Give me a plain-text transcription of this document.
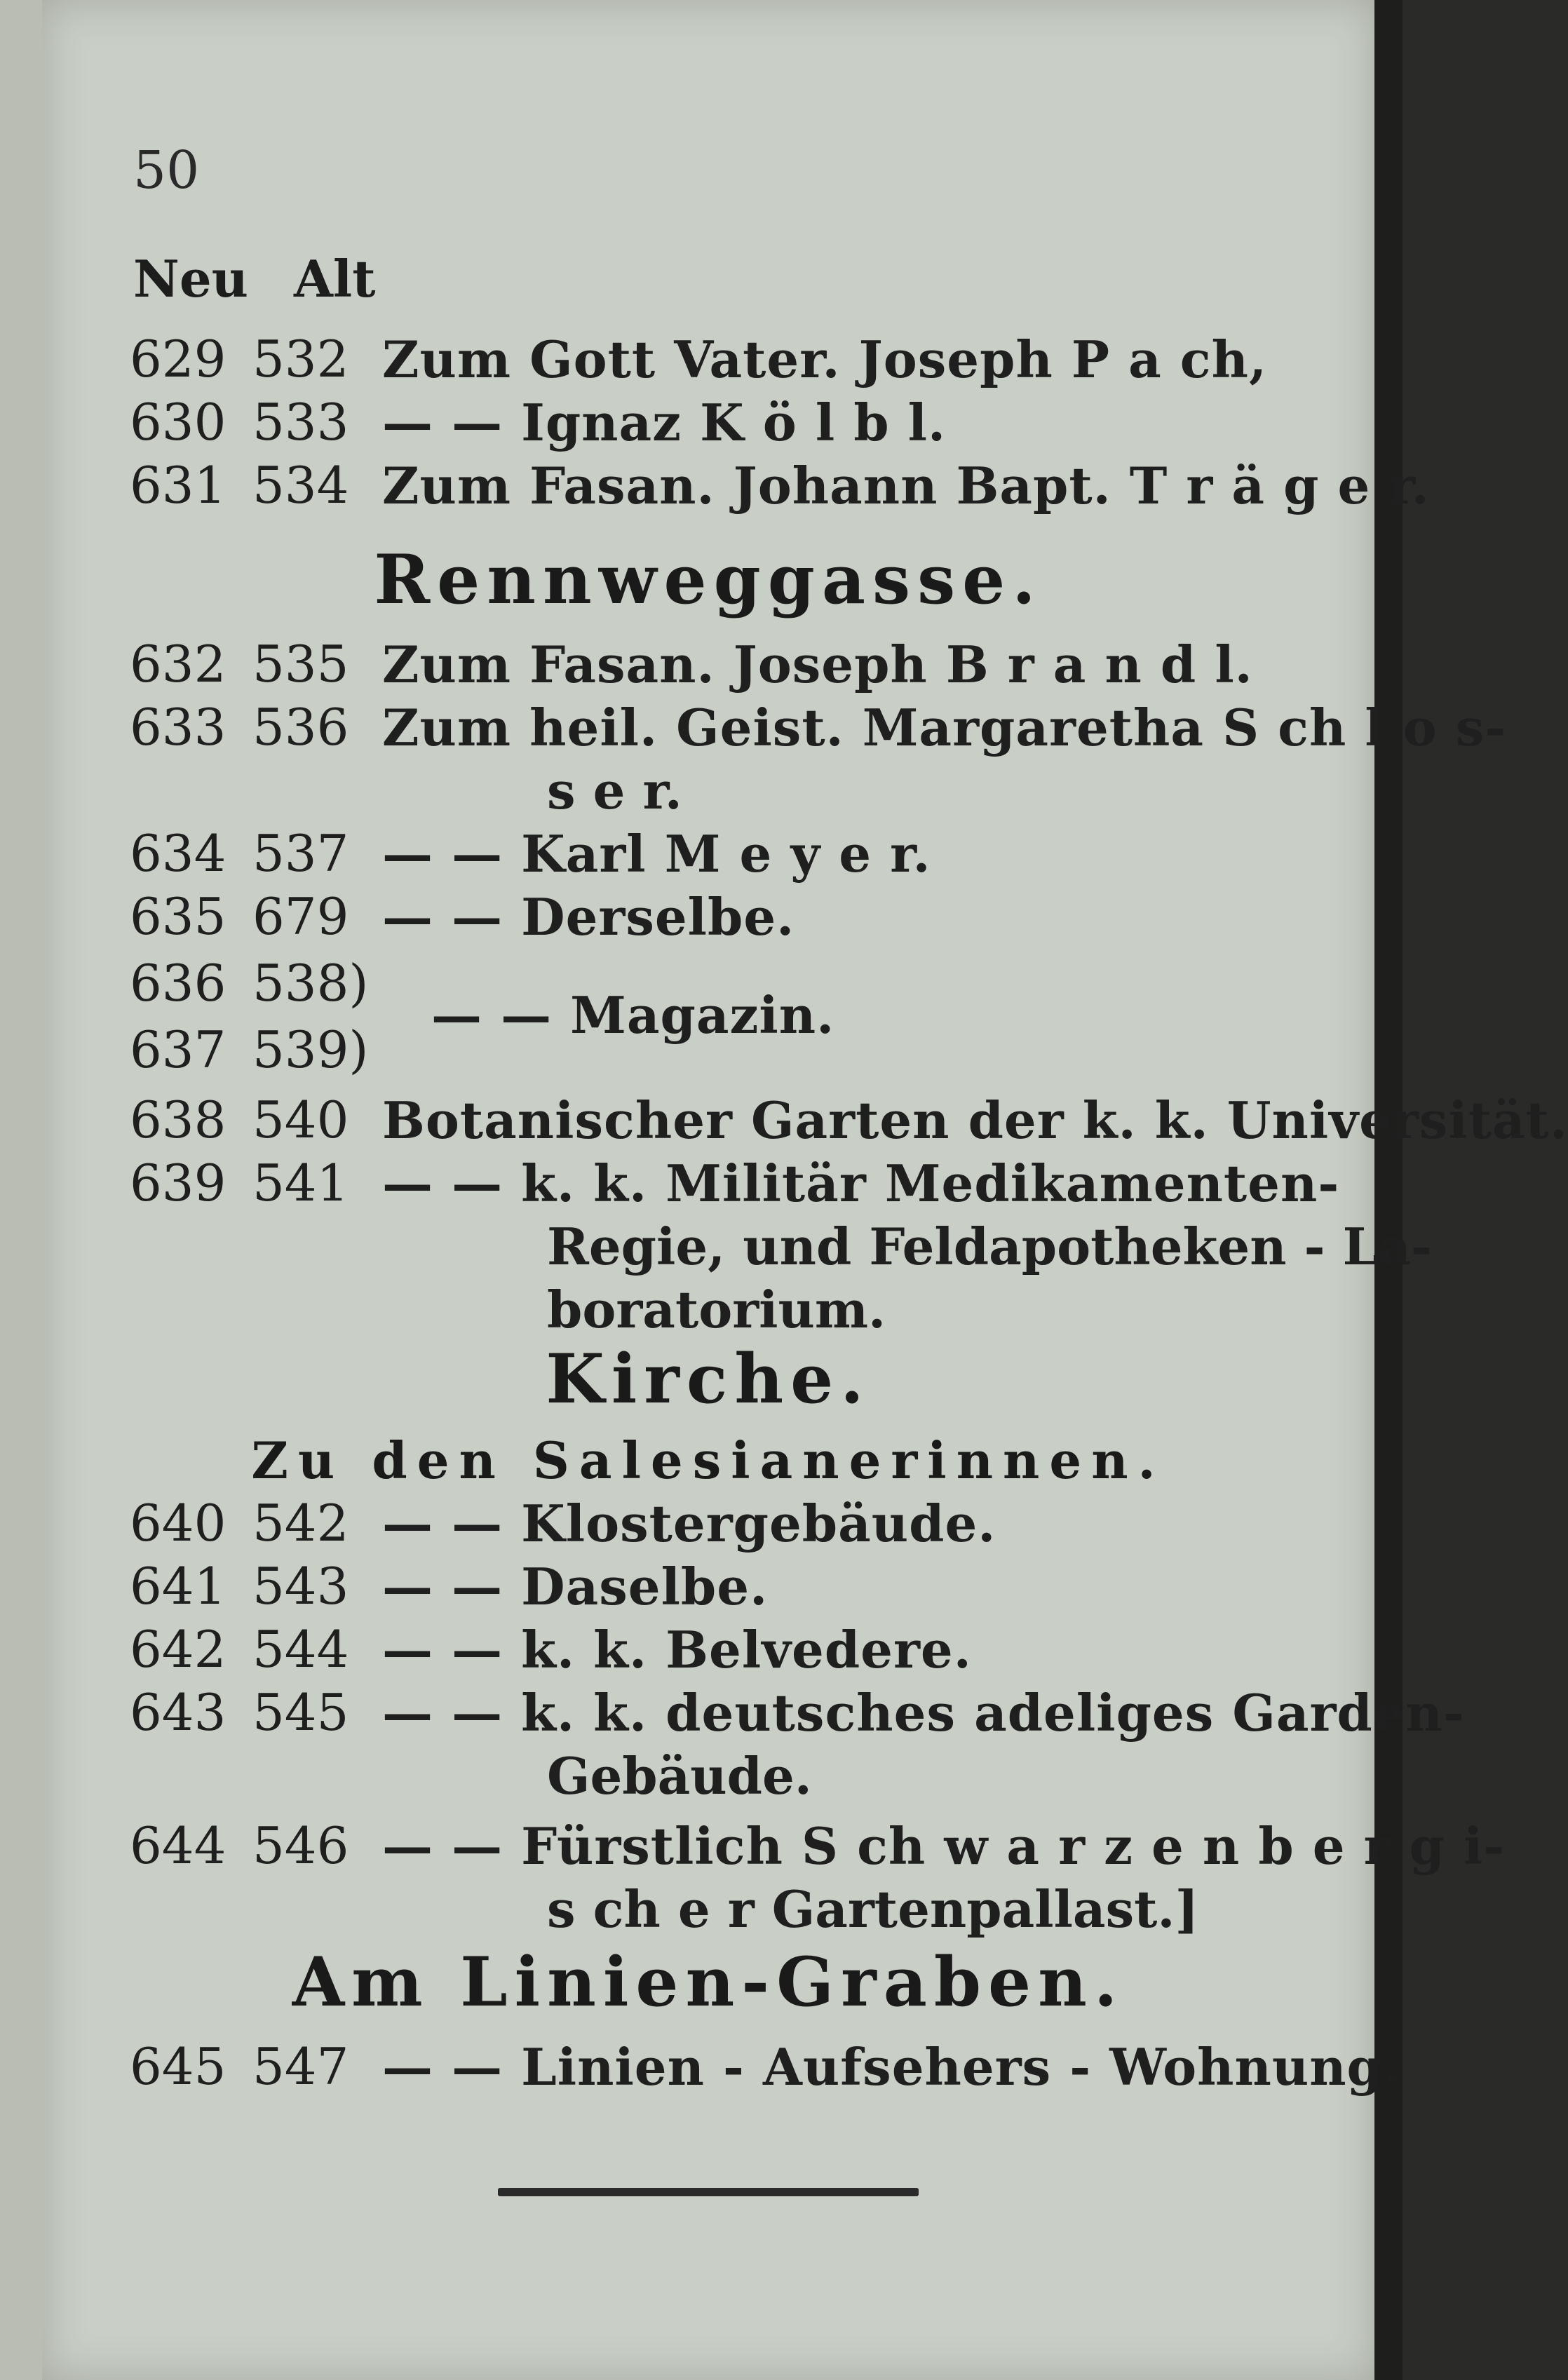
50
Neu Alt
629 532 Zum Gott Vater. Joseph P a ch,
630 533 — — Ignaz K ö l b l.
631 534 Zum Fasan. Johann Bapt. T r ä g e r.
Rennweggasse.
632 535 Zum Fasan. Joseph B r a n d l.
633 536 Zum heil. Geist. Margaretha S ch l o s-
s e r.
634 537 — — Karl M e y e r.
635 679 — — Derselbe.
636 538)
637 539)
— — Magazin.
638 540 Botanischer Garten der k. k. Universität.
639 541 — — k. k. Militär Medikamenten-
Regie, und Feldapotheken - La-
boratorium.
Kirche.
Zu den Salesianerinnen.
640 542 — — Klostergebäude.
641 543 — — Daselbe.
642 544 — — k. k. Belvedere.
643 545 — — k. k. deutsches adeliges Garden-
Gebäude.
644 546 — — Fürstlich S ch w a r z e n b e r g i-
s ch e r Gartenpallast.]
Am Linien-Graben.
645 547 — — Linien - Aufsehers - Wohnung.
